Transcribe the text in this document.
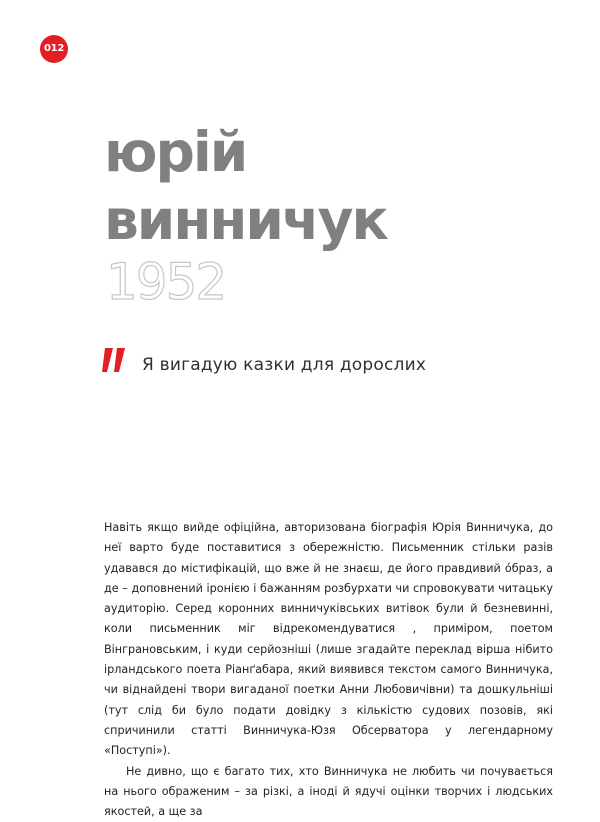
012
юрій
винничук
1952
Я вигадую казки для дорослих

Навіть якщо вийде офіційна, авторизована біографія Юрія Винничука, до неї варто буде поставитися з обережністю. Письменник стільки разів удавався до містифікацій, що вже й не знаєш, де його правдивий óбраз, а де – доповнений іронією і бажанням розбурхати чи спровокувати читацьку аудиторію. Серед коронних винничуківських витівок були й безневинні, коли письменник міг відрекомендуватися , приміром, поетом Вінграновським, і куди серйозніші (лише згадайте переклад вірша нібито ірландського поета Ріанґабара, який виявився текстом самого Винничука, чи віднайдені твори вигаданої поетки Анни Любовичівни) та дошкульніші (тут слід би було подати довідку з кількістю судових позовів, які спричинили статті Винничука-Юзя Обсерватора у легендарному «Поступі»).

Не дивно, що є багато тих, хто Винничука не любить чи почувається на нього ображеним – за різкі, а іноді й ядучі оцінки творчих і людських якостей, а ще за
